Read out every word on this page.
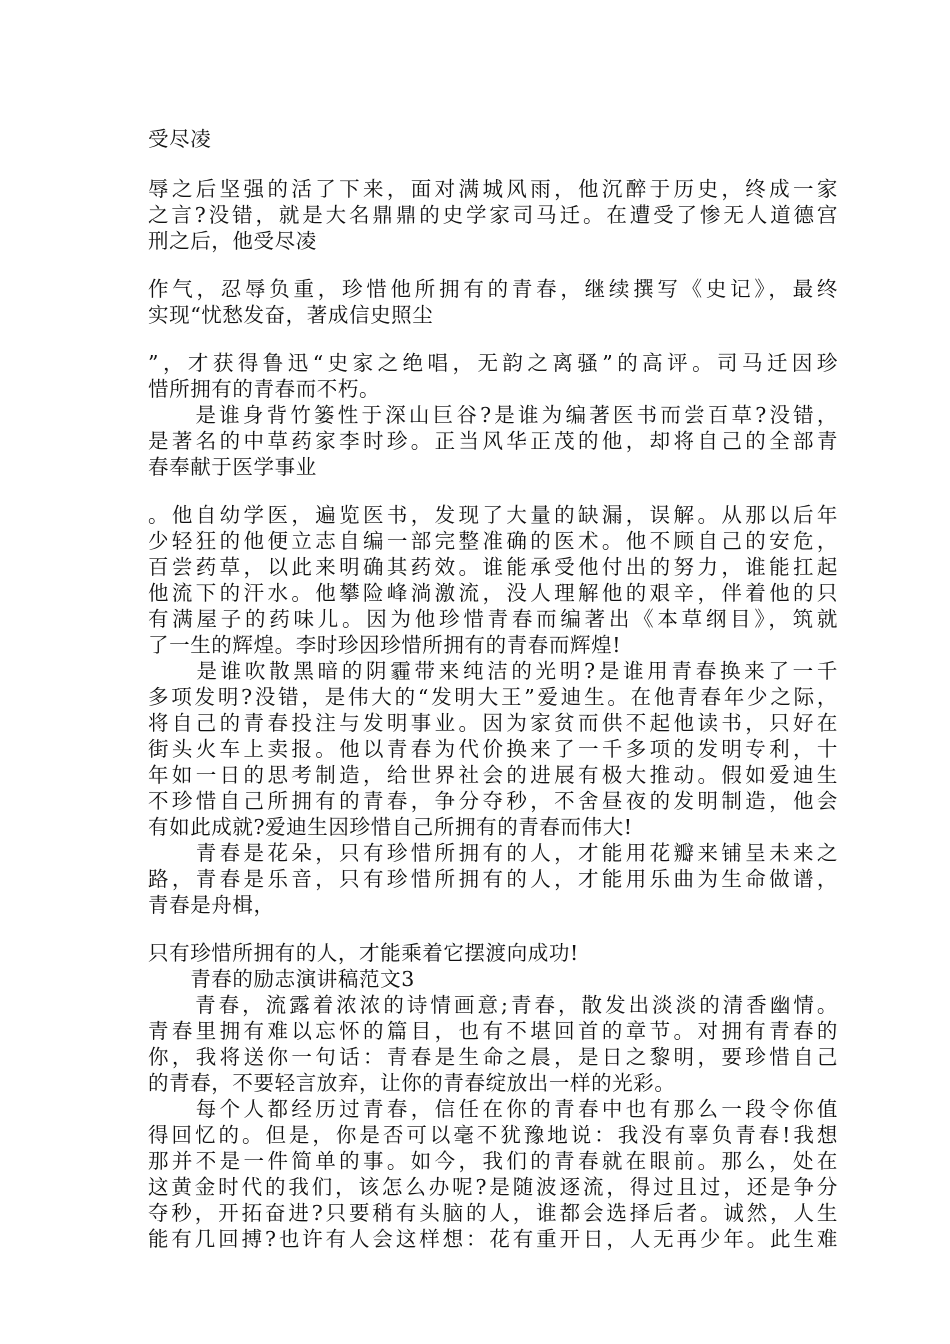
受尽凌
辱之后坚强的活了下来，面对满城风雨，他沉醉于历史，终成一家
之言?没错，就是大名鼎鼎的史学家司马迁。在遭受了惨无人道德宫
刑之后，他受尽凌
作气，忍辱负重，珍惜他所拥有的青春，继续撰写《史记》，最终
实现“忧愁发奋，著成信史照尘
”，才获得鲁迅“史家之绝唱，无韵之离骚”的高评。司马迁因珍
惜所拥有的青春而不朽。
　　是谁身背竹篓性于深山巨谷?是谁为编著医书而尝百草?没错，
是著名的中草药家李时珍。正当风华正茂的他，却将自己的全部青
春奉献于医学事业
。他自幼学医，遍览医书，发现了大量的缺漏，误解。从那以后年
少轻狂的他便立志自编一部完整准确的医术。他不顾自己的安危，
百尝药草，以此来明确其药效。谁能承受他付出的努力，谁能扛起
他流下的汗水。他攀险峰淌激流，没人理解他的艰辛，伴着他的只
有满屋子的药味儿。因为他珍惜青春而编著出《本草纲目》，筑就
了一生的辉煌。李时珍因珍惜所拥有的青春而辉煌!
　　是谁吹散黑暗的阴霾带来纯洁的光明?是谁用青春换来了一千
多项发明?没错，是伟大的“发明大王”爱迪生。在他青春年少之际，
将自己的青春投注与发明事业。因为家贫而供不起他读书，只好在
街头火车上卖报。他以青春为代价换来了一千多项的发明专利，十
年如一日的思考制造，给世界社会的进展有极大推动。假如爱迪生
不珍惜自己所拥有的青春，争分夺秒，不舍昼夜的发明制造，他会
有如此成就?爱迪生因珍惜自己所拥有的青春而伟大!
　　青春是花朵，只有珍惜所拥有的人，才能用花瓣来铺呈未来之
路，青春是乐音，只有珍惜所拥有的人，才能用乐曲为生命做谱，
青春是舟楫，
只有珍惜所拥有的人，才能乘着它摆渡向成功!
　　青春的励志演讲稿范文3
　　青春，流露着浓浓的诗情画意;青春，散发出淡淡的清香幽情。
青春里拥有难以忘怀的篇目，也有不堪回首的章节。对拥有青春的
你，我将送你一句话：青春是生命之晨，是日之黎明，要珍惜自己
的青春，不要轻言放弃，让你的青春绽放出一样的光彩。
　　每个人都经历过青春，信任在你的青春中也有那么一段令你值
得回忆的。但是，你是否可以毫不犹豫地说：我没有辜负青春!我想
那并不是一件简单的事。如今，我们的青春就在眼前。那么，处在
这黄金时代的我们，该怎么办呢?是随波逐流，得过且过，还是争分
夺秒，开拓奋进?只要稍有头脑的人，谁都会选择后者。诚然，人生
能有几回搏?也许有人会这样想：花有重开日，人无再少年。此生难
